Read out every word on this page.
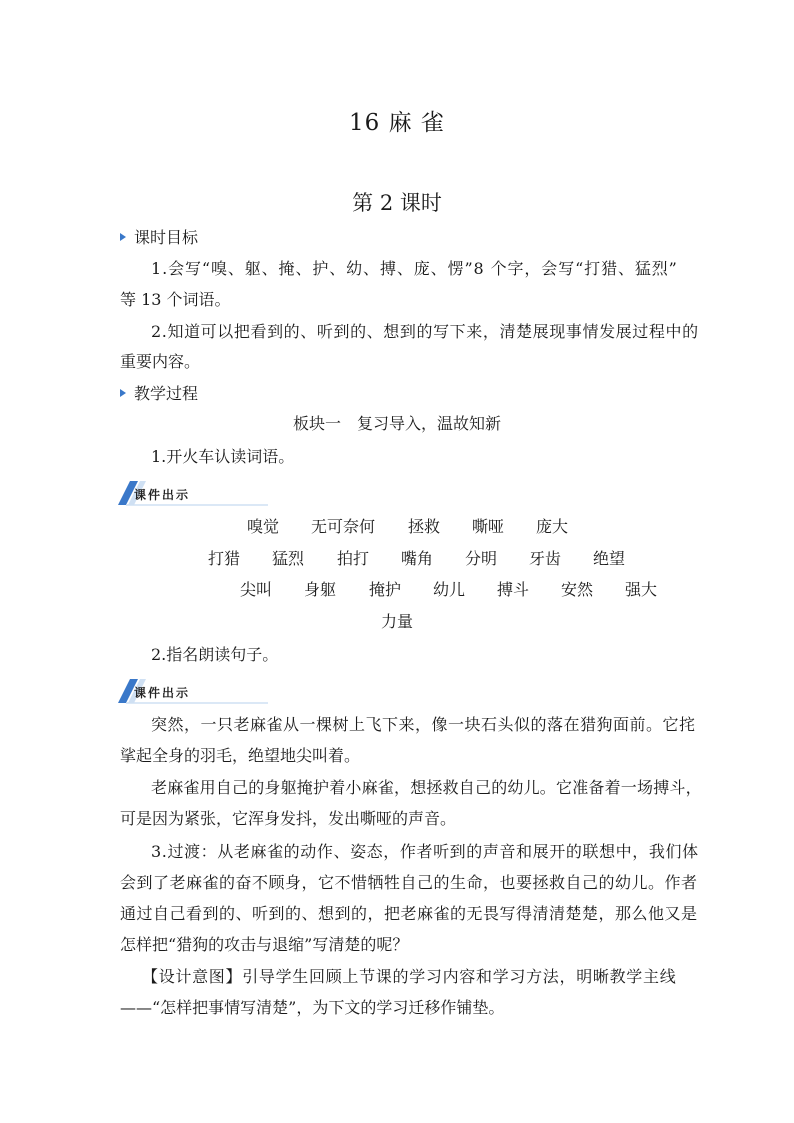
16 麻 雀
第 2 课时
课时目标
1.会写“嗅、躯、掩、护、幼、搏、庞、愣”8 个字，会写“打猎、猛烈”
等 13 个词语。
2.知道可以把看到的、听到的、想到的写下来，清楚展现事情发展过程中的
重要内容。
教学过程
板块一　复习导入，温故知新
1.开火车认读词语。
课件出示
嗅觉 无可奈何 拯救 嘶哑 庞大
打猎 猛烈 拍打 嘴角 分明 牙齿 绝望
尖叫 身躯 掩护 幼儿 搏斗 安然 强大
力量
2.指名朗读句子。
课件出示
突然，一只老麻雀从一棵树上飞下来，像一块石头似的落在猎狗面前。它挓
挲起全身的羽毛，绝望地尖叫着。
老麻雀用自己的身躯掩护着小麻雀，想拯救自己的幼儿。它准备着一场搏斗，
可是因为紧张，它浑身发抖，发出嘶哑的声音。
3.过渡：从老麻雀的动作、姿态，作者听到的声音和展开的联想中，我们体
会到了老麻雀的奋不顾身，它不惜牺牲自己的生命，也要拯救自己的幼儿。作者
通过自己看到的、听到的、想到的，把老麻雀的无畏写得清清楚楚，那么他又是
怎样把“猎狗的攻击与退缩”写清楚的呢？
【设计意图】引导学生回顾上节课的学习内容和学习方法，明晰教学主线
——“怎样把事情写清楚”，为下文的学习迁移作铺垫。
